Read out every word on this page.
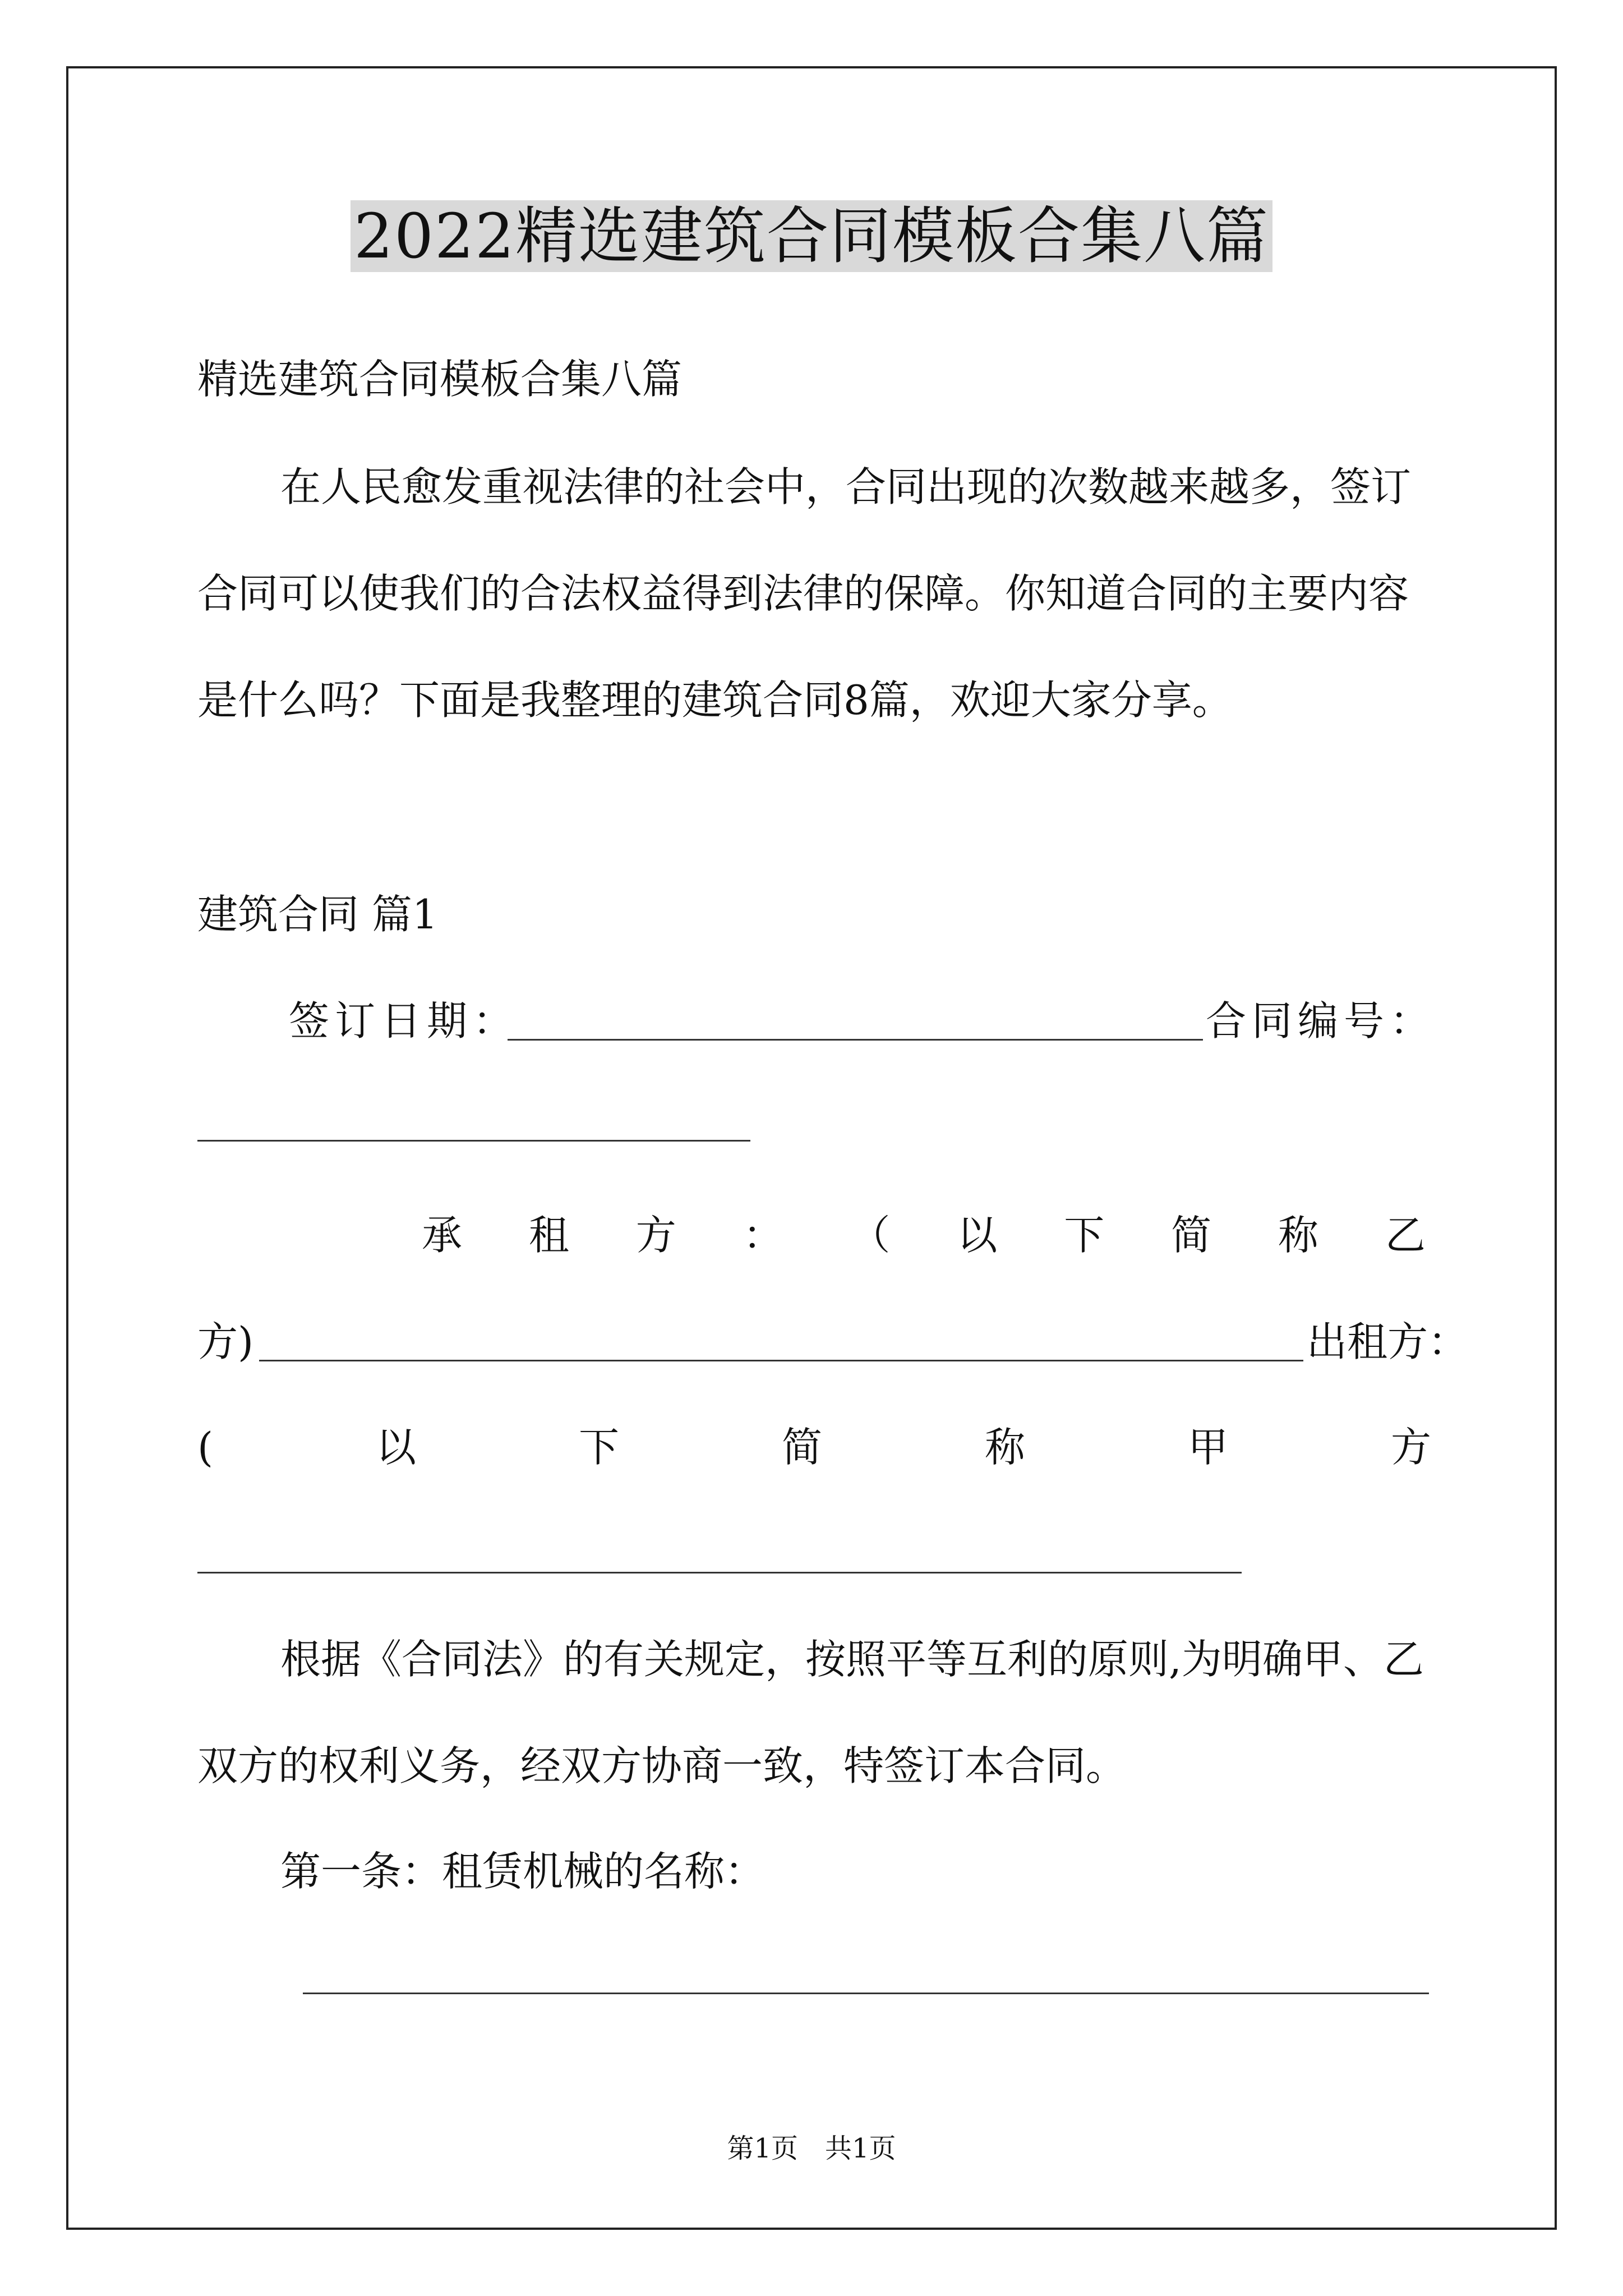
2022精选建筑合同模板合集八篇
精选建筑合同模板合集八篇
在人民愈发重视法律的社会中，合同出现的次数越来越多，签订
合同可以使我们的合法权益得到法律的保障。你知道合同的主要内容
是什么吗？下面是我整理的建筑合同8篇，欢迎大家分享。
建筑合同 篇1
签订日期：	合同编号：
承 租 方 ： （ 以 下 简 称 乙
方)	出租方：
(	以	下	简	称	甲	方
根据《合同法》的有关规定，按照平等互利的原则,为明确甲、乙
双方的权利义务，经双方协商一致，特签订本合同。
第一条：租赁机械的名称：
第1页　共1页
